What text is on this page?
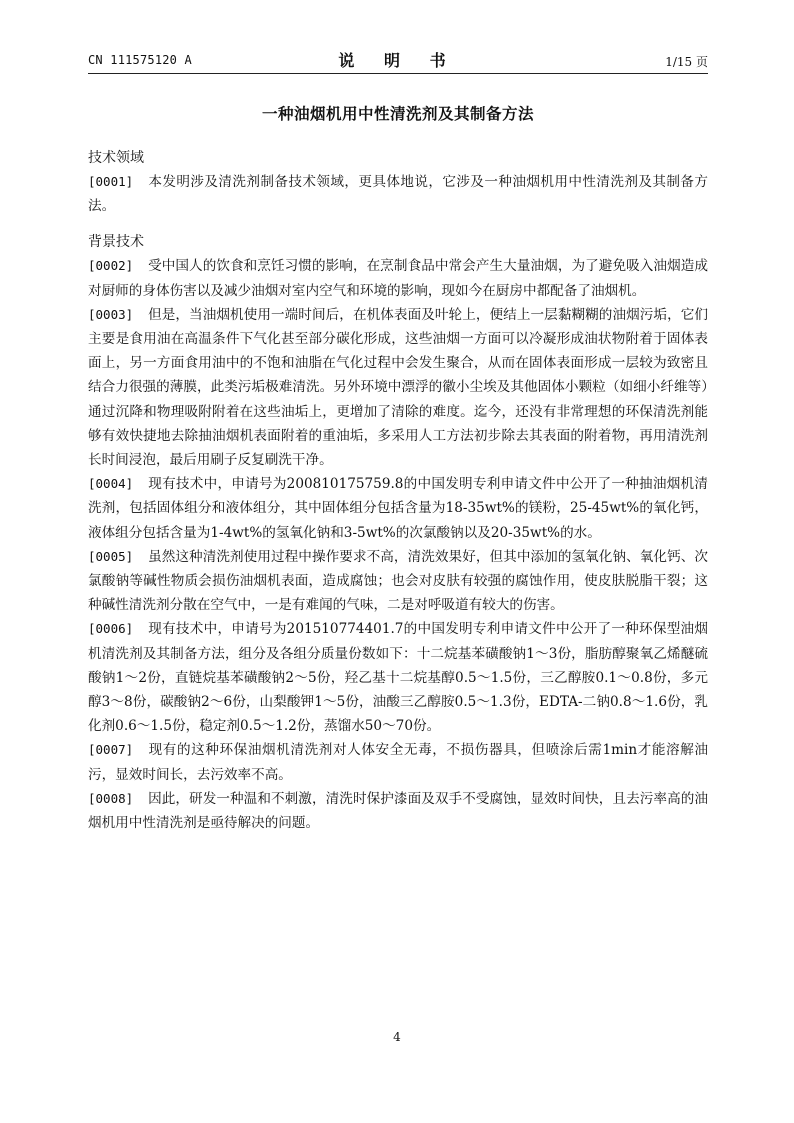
CN 111575120 A	说 明 书	1/15 页
一种油烟机用中性清洗剂及其制备方法
技术领域

[0001] 本发明涉及清洗剂制备技术领域，更具体地说，它涉及一种油烟机用中性清洗剂及其制备方法。

背景技术

[0002] 受中国人的饮食和烹饪习惯的影响，在烹制食品中常会产生大量油烟，为了避免吸入油烟造成对厨师的身体伤害以及减少油烟对室内空气和环境的影响，现如今在厨房中都配备了油烟机。

[0003] 但是，当油烟机使用一端时间后，在机体表面及叶轮上，便结上一层黏糊糊的油烟污垢，它们主要是食用油在高温条件下气化甚至部分碳化形成，这些油烟一方面可以冷凝形成油状物附着于固体表面上，另一方面食用油中的不饱和油脂在气化过程中会发生聚合，从而在固体表面形成一层较为致密且结合力很强的薄膜，此类污垢极难清洗。另外环境中漂浮的徽小尘埃及其他固体小颗粒（如细小纤维等）通过沉降和物理吸附附着在这些油垢上，更增加了清除的难度。迄今，还没有非常理想的环保清洗剂能够有效快捷地去除抽油烟机表面附着的重油垢，多采用人工方法初步除去其表面的附着物，再用清洗剂长时间浸泡，最后用刷子反复刷洗干净。

[0004] 现有技术中，申请号为200810175759.8的中国发明专利申请文件中公开了一种抽油烟机清洗剂，包括固体组分和液体组分，其中固体组分包括含量为18-35wt%的镁粉，25-45wt%的氧化钙，液体组分包括含量为1-4wt%的氢氧化钠和3-5wt%的次氯酸钠以及20-35wt%的水。

[0005] 虽然这种清洗剂使用过程中操作要求不高，清洗效果好，但其中添加的氢氧化钠、氧化钙、次氯酸钠等碱性物质会损伤油烟机表面，造成腐蚀；也会对皮肤有较强的腐蚀作用，使皮肤脱脂干裂；这种碱性清洗剂分散在空气中，一是有难闻的气味，二是对呼吸道有较大的伤害。

[0006] 现有技术中，申请号为201510774401.7的中国发明专利申请文件中公开了一种环保型油烟机清洗剂及其制备方法，组分及各组分质量份数如下：十二烷基苯磺酸钠1～3份，脂肪醇聚氧乙烯醚硫酸钠1～2份，直链烷基苯磺酸钠2～5份，羟乙基十二烷基醇0.5～1.5份，三乙醇胺0.1～0.8份，多元醇3～8份，碳酸钠2～6份，山梨酸钾1～5份，油酸三乙醇胺0.5～1.3份，EDTA-二钠0.8～1.6份，乳化剂0.6～1.5份，稳定剂0.5～1.2份，蒸馏水50～70份。

[0007] 现有的这种环保油烟机清洗剂对人体安全无毒，不损伤器具，但喷涂后需1min才能溶解油污，显效时间长，去污效率不高。

[0008] 因此，研发一种温和不刺激，清洗时保护漆面及双手不受腐蚀，显效时间快，且去污率高的油烟机用中性清洗剂是亟待解决的问题。

4
